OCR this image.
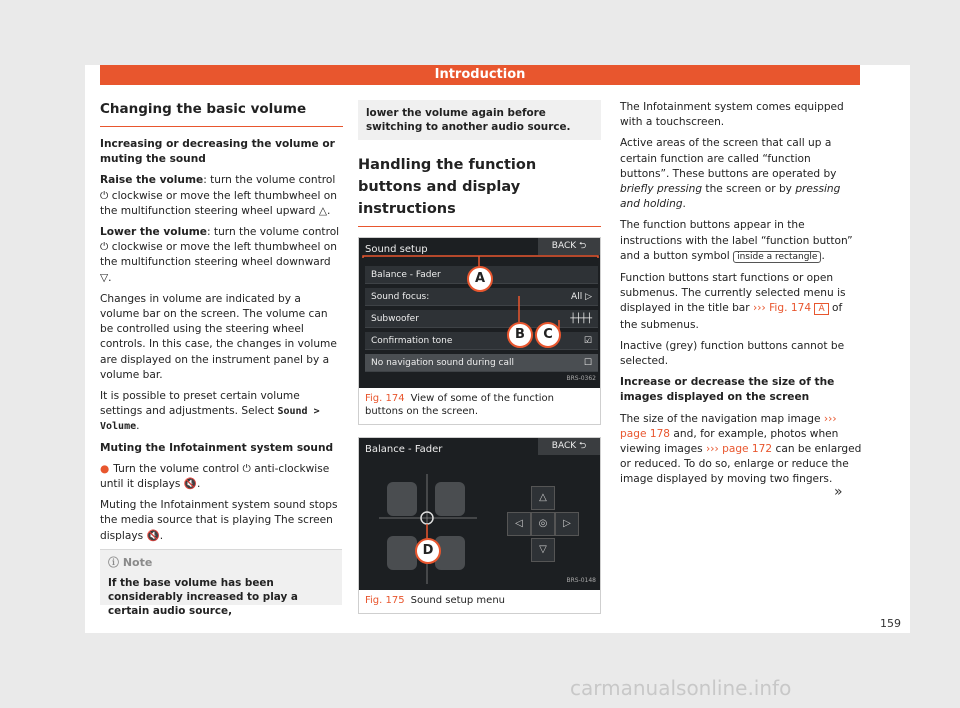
Introduction
Changing the basic volume

Increasing or decreasing the volume or muting the sound

Raise the volume: turn the volume control ⏻ clockwise or move the left thumbwheel on the multifunction steering wheel upward △.

Lower the volume: turn the volume control ⏻ clockwise or move the left thumbwheel on the multifunction steering wheel downward ▽.

Changes in volume are indicated by a volume bar on the screen. The volume can be controlled using the steering wheel controls. In this case, the changes in volume are displayed on the instrument panel by a volume bar.

It is possible to preset certain volume settings and adjustments. Select Sound > Volume.

Muting the Infotainment system sound

● Turn the volume control ⏻ anti-clockwise until it displays 🔇.

Muting the Infotainment system sound stops the media source that is playing The screen displays 🔇.

ⓘ Note
If the base volume has been considerably increased to play a certain audio source,
lower the volume again before switching to another audio source.
Handling the function buttons and display instructions
Sound setup	BACK ⮌
Balance - Fader
Sound focus:	All ▷
Subwoofer	┼┼┼┼
Confirmation tone	☑
No navigation sound during call	☐
A
B	C
BRS-0362
Fig. 174 View of some of the function buttons on the screen.
Balance - Fader	BACK ⮌
△
◁	◎	▷
▽
D
BRS-0148
Fig. 175 Sound setup menu

The Infotainment system comes equipped with a touchscreen.

Active areas of the screen that call up a certain function are called “function buttons”. These buttons are operated by briefly pressing the screen or by pressing and holding.

The function buttons appear in the instructions with the label “function button” and a button symbol inside a rectangle .

Function buttons start functions or open submenus. The currently selected menu is displayed in the title bar ››› Fig. 174 A of the submenus.

Inactive (grey) function buttons cannot be selected.

Increase or decrease the size of the images displayed on the screen

The size of the navigation map image ››› page 178 and, for example, photos when viewing images ››› page 172 can be enlarged or reduced. To do so, enlarge or reduce the image displayed by moving two fingers.

»
159
carmanualsonline.info
